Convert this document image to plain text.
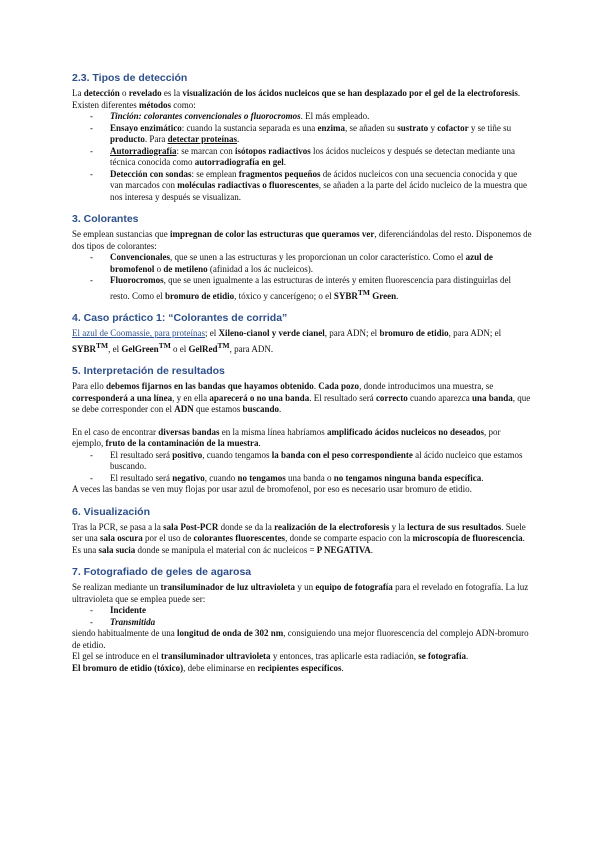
2.3. Tipos de detección

La detección o revelado es la visualización de los ácidos nucleicos que se han desplazado por el gel de la electroforesis. Existen diferentes métodos como:

- Tinción: colorantes convencionales o fluorocromos. El más empleado.
- Ensayo enzimático: cuando la sustancia separada es una enzima, se añaden su sustrato y cofactor y se tiñe su producto. Para detectar proteínas.
- Autorradiografía: se marcan con isótopos radiactivos los ácidos nucleicos y después se detectan mediante una técnica conocida como autorradiografía en gel.
- Detección con sondas: se emplean fragmentos pequeños de ácidos nucleicos con una secuencia conocida y que van marcados con moléculas radiactivas o fluorescentes, se añaden a la parte del ácido nucleico de la muestra que nos interesa y después se visualizan.
3. Colorantes

Se emplean sustancias que impregnan de color las estructuras que queramos ver, diferenciándolas del resto. Disponemos de dos tipos de colorantes:

- Convencionales, que se unen a las estructuras y les proporcionan un color característico. Como el azul de bromofenol o de metileno (afinidad a los ác nucleicos).
- Fluorocromos, que se unen igualmente a las estructuras de interés y emiten fluorescencia para distinguirlas del resto. Como el bromuro de etidio, tóxico y cancerígeno; o el SYBR™ Green.
4. Caso práctico 1: “Colorantes de corrida”

El azul de Coomassie, para proteínas; el Xileno-cianol y verde cianel, para ADN; el bromuro de etidio, para ADN; el SYBR™, el GelGreen™ o el GelRed™, para ADN.

5. Interpretación de resultados

Para ello debemos fijarnos en las bandas que hayamos obtenido. Cada pozo, donde introducimos una muestra, se corresponderá a una línea, y en ella aparecerá o no una banda. El resultado será correcto cuando aparezca una banda, que se debe corresponder con el ADN que estamos buscando.

En el caso de encontrar diversas bandas en la misma línea habríamos amplificado ácidos nucleicos no deseados, por ejemplo, fruto de la contaminación de la muestra.

- El resultado será positivo, cuando tengamos la banda con el peso correspondiente al ácido nucleico que estamos buscando.
- El resultado será negativo, cuando no tengamos una banda o no tengamos ninguna banda específica.

A veces las bandas se ven muy flojas por usar azul de bromofenol, por eso es necesario usar bromuro de etidio.

6. Visualización

Tras la PCR, se pasa a la sala Post-PCR donde se da la realización de la electroforesis y la lectura de sus resultados. Suele ser una sala oscura por el uso de colorantes fluorescentes, donde se comparte espacio con la microscopía de fluorescencia. Es una sala sucia donde se manipula el material con ác nucleicos = P NEGATIVA.

7. Fotografiado de geles de agarosa

Se realizan mediante un transiluminador de luz ultravioleta y un equipo de fotografía para el revelado en fotografía. La luz ultravioleta que se emplea puede ser:

- Incidente
- Transmitida

siendo habitualmente de una longitud de onda de 302 nm, consiguiendo una mejor fluorescencia del complejo ADN-bromuro de etidio.

El gel se introduce en el transiluminador ultravioleta y entonces, tras aplicarle esta radiación, se fotografía.

El bromuro de etidio (tóxico), debe eliminarse en recipientes específicos.
